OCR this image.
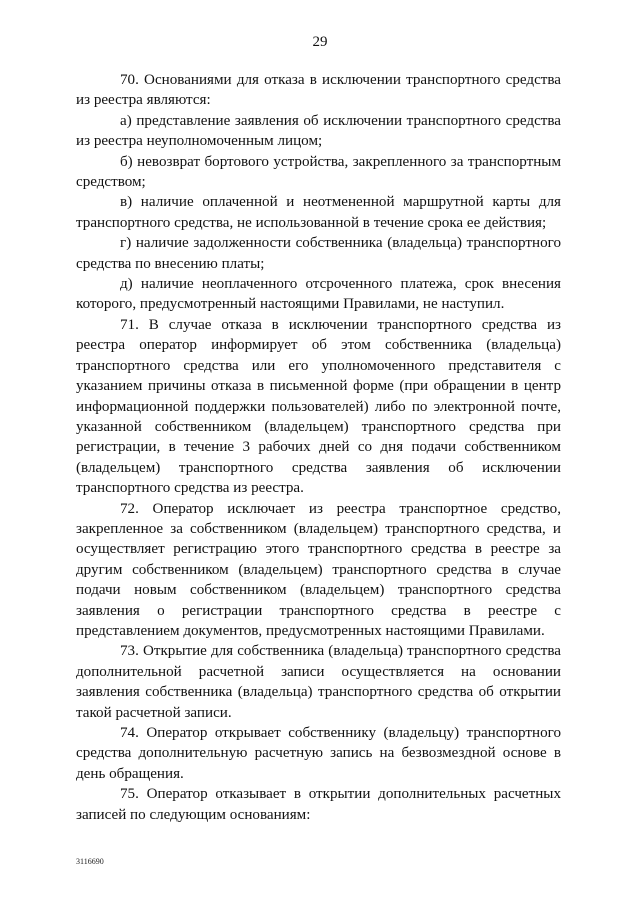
29

70. Основаниями для отказа в исключении транспортного средства из реестра являются:

а) представление заявления об исключении транспортного средства из реестра неуполномоченным лицом;

б) невозврат бортового устройства, закрепленного за транспортным средством;

в) наличие оплаченной и неотмененной маршрутной карты для транспортного средства, не использованной в течение срока ее действия;

г) наличие задолженности собственника (владельца) транспортного средства по внесению платы;

д) наличие неоплаченного отсроченного платежа, срок внесения которого, предусмотренный настоящими Правилами, не наступил.

71. В случае отказа в исключении транспортного средства из реестра оператор информирует об этом собственника (владельца) транспортного средства или его уполномоченного представителя с указанием причины отказа в письменной форме (при обращении в центр информационной поддержки пользователей) либо по электронной почте, указанной собственником (владельцем) транспортного средства при регистрации, в течение 3 рабочих дней со дня подачи собственником (владельцем) транспортного средства заявления об исключении транспортного средства из реестра.

72. Оператор исключает из реестра транспортное средство, закрепленное за собственником (владельцем) транспортного средства, и осуществляет регистрацию этого транспортного средства в реестре за другим собственником (владельцем) транспортного средства в случае подачи новым собственником (владельцем) транспортного средства заявления о регистрации транспортного средства в реестре с представлением документов, предусмотренных настоящими Правилами.

73. Открытие для собственника (владельца) транспортного средства дополнительной расчетной записи осуществляется на основании заявления собственника (владельца) транспортного средства об открытии такой расчетной записи.

74. Оператор открывает собственнику (владельцу) транспортного средства дополнительную расчетную запись на безвозмездной основе в день обращения.

75. Оператор отказывает в открытии дополнительных расчетных записей по следующим основаниям:

3116690
